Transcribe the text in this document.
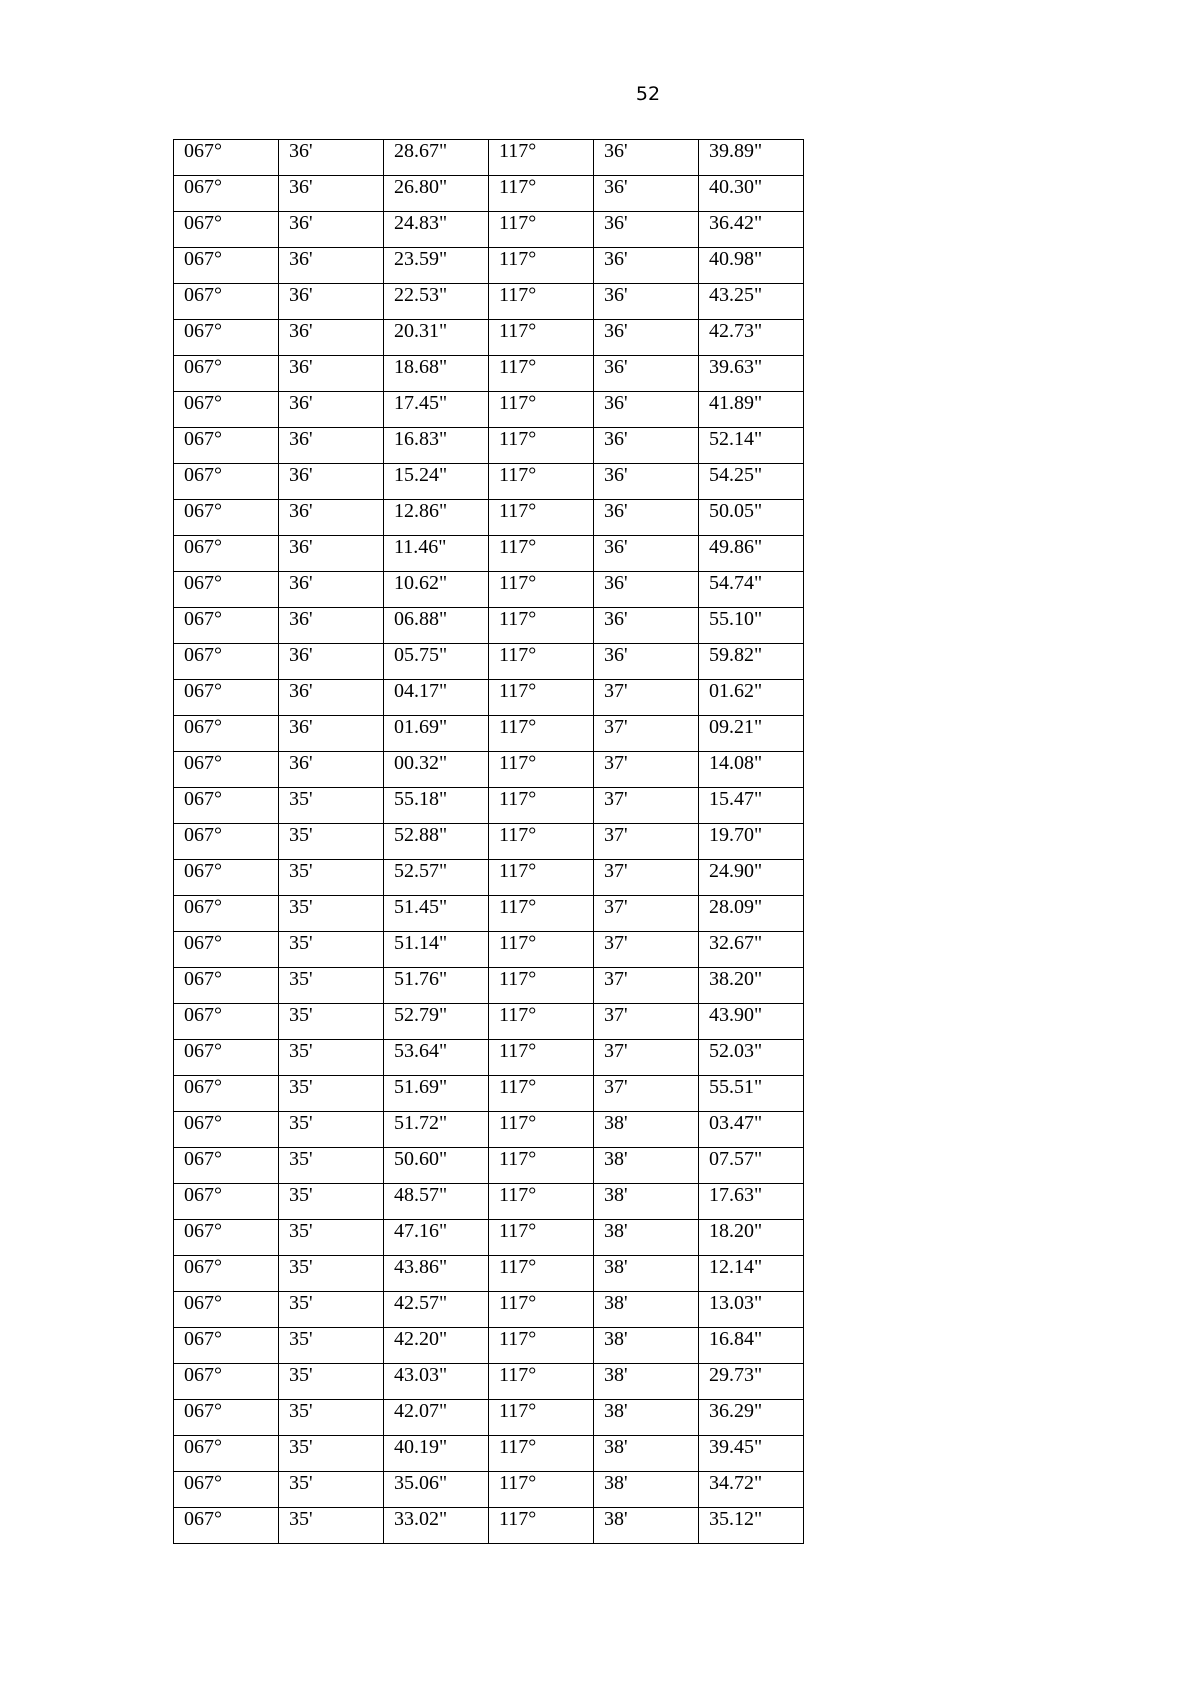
52
067°	36'	28.67"	117°	36'	39.89"
067°	36'	26.80"	117°	36'	40.30"
067°	36'	24.83"	117°	36'	36.42"
067°	36'	23.59"	117°	36'	40.98"
067°	36'	22.53"	117°	36'	43.25"
067°	36'	20.31"	117°	36'	42.73"
067°	36'	18.68"	117°	36'	39.63"
067°	36'	17.45"	117°	36'	41.89"
067°	36'	16.83"	117°	36'	52.14"
067°	36'	15.24"	117°	36'	54.25"
067°	36'	12.86"	117°	36'	50.05"
067°	36'	11.46"	117°	36'	49.86"
067°	36'	10.62"	117°	36'	54.74"
067°	36'	06.88"	117°	36'	55.10"
067°	36'	05.75"	117°	36'	59.82"
067°	36'	04.17"	117°	37'	01.62"
067°	36'	01.69"	117°	37'	09.21"
067°	36'	00.32"	117°	37'	14.08"
067°	35'	55.18"	117°	37'	15.47"
067°	35'	52.88"	117°	37'	19.70"
067°	35'	52.57"	117°	37'	24.90"
067°	35'	51.45"	117°	37'	28.09"
067°	35'	51.14"	117°	37'	32.67"
067°	35'	51.76"	117°	37'	38.20"
067°	35'	52.79"	117°	37'	43.90"
067°	35'	53.64"	117°	37'	52.03"
067°	35'	51.69"	117°	37'	55.51"
067°	35'	51.72"	117°	38'	03.47"
067°	35'	50.60"	117°	38'	07.57"
067°	35'	48.57"	117°	38'	17.63"
067°	35'	47.16"	117°	38'	18.20"
067°	35'	43.86"	117°	38'	12.14"
067°	35'	42.57"	117°	38'	13.03"
067°	35'	42.20"	117°	38'	16.84"
067°	35'	43.03"	117°	38'	29.73"
067°	35'	42.07"	117°	38'	36.29"
067°	35'	40.19"	117°	38'	39.45"
067°	35'	35.06"	117°	38'	34.72"
067°	35'	33.02"	117°	38'	35.12"
